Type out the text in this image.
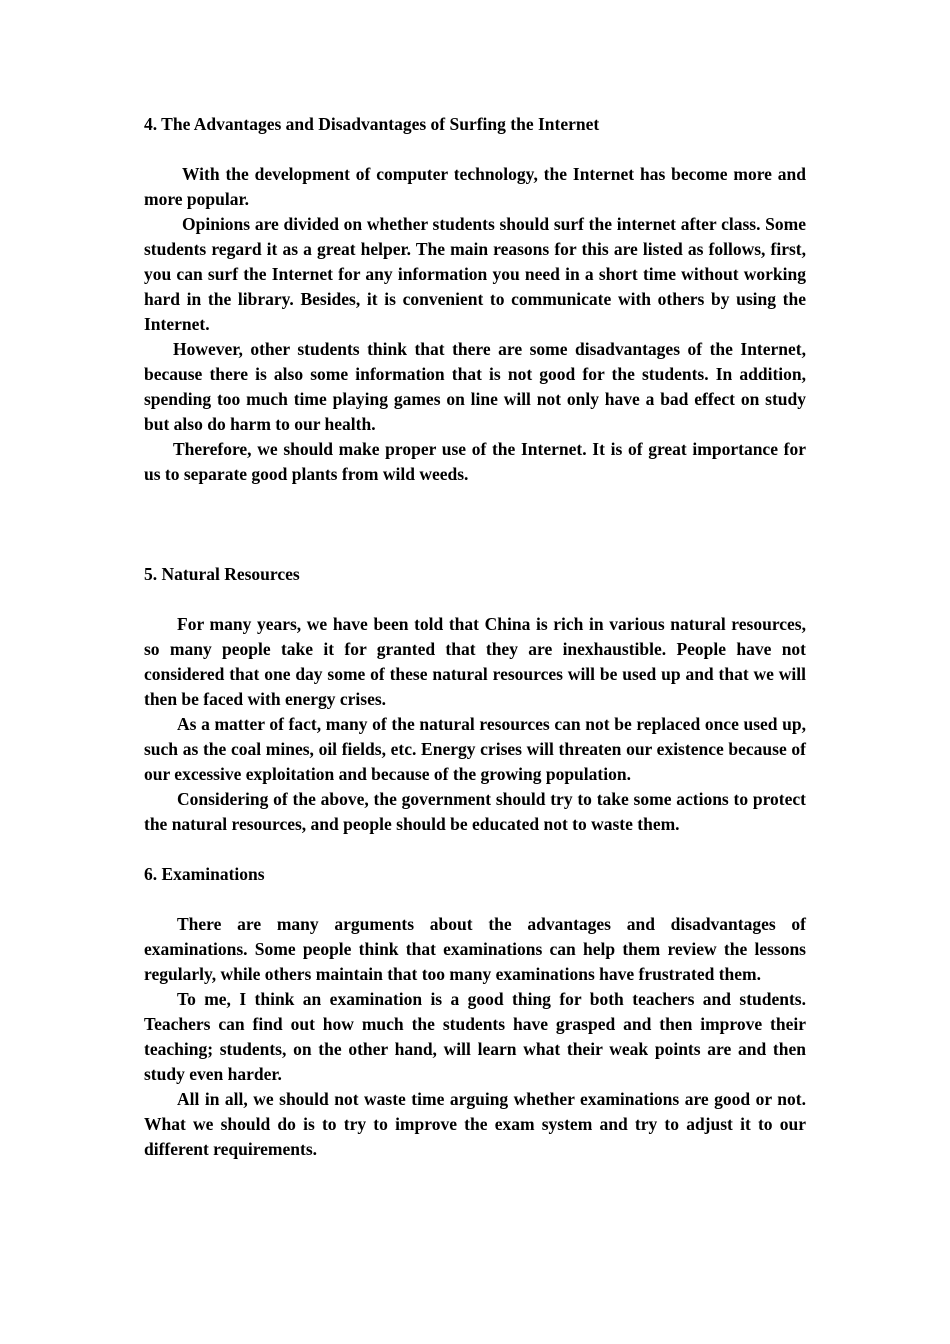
4. The Advantages and Disadvantages of Surfing the Internet

With the development of computer technology, the Internet has become more and more popular.

Opinions are divided on whether students should surf the internet after class. Some students regard it as a great helper. The main reasons for this are listed as follows, first, you can surf the Internet for any information you need in a short time without working hard in the library. Besides, it is convenient to communicate with others by using the Internet.

However, other students think that there are some disadvantages of the Internet, because there is also some information that is not good for the students. In addition, spending too much time playing games on line will not only have a bad effect on study but also do harm to our health.

Therefore, we should make proper use of the Internet. It is of great importance for us to separate good plants from wild weeds.

5. Natural Resources

For many years, we have been told that China is rich in various natural resources, so many people take it for granted that they are inexhaustible. People have not considered that one day some of these natural resources will be used up and that we will then be faced with energy crises.

As a matter of fact, many of the natural resources can not be replaced once used up, such as the coal mines, oil fields, etc. Energy crises will threaten our existence because of our excessive exploitation and because of the growing population.

Considering of the above, the government should try to take some actions to protect the natural resources, and people should be educated not to waste them.

6. Examinations

There are many arguments about the advantages and disadvantages of examinations. Some people think that examinations can help them review the lessons regularly, while others maintain that too many examinations have frustrated them.

To me, I think an examination is a good thing for both teachers and students. Teachers can find out how much the students have grasped and then improve their teaching; students, on the other hand, will learn what their weak points are and then study even harder.

All in all, we should not waste time arguing whether examinations are good or not. What we should do is to try to improve the exam system and try to adjust it to our different requirements.
